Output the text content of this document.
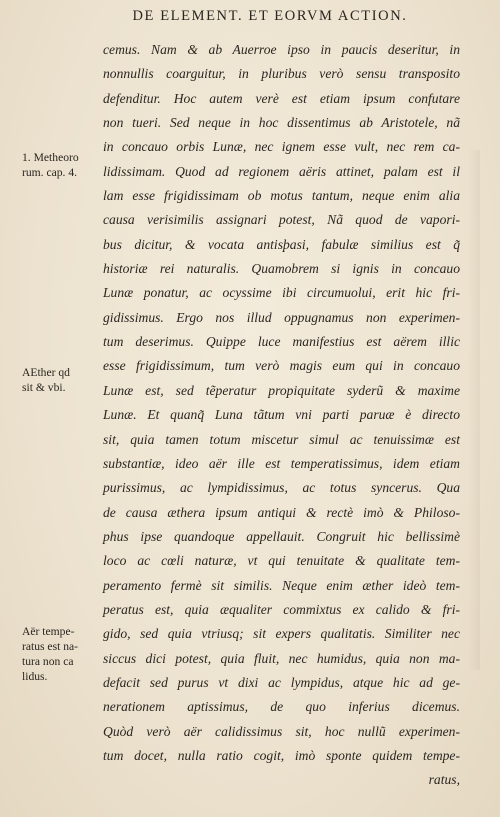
DE ELEMENT. ET EORVM ACTION.
1. Metheoro
rum. cap. 4.
AEther qd
sit & vbi.
Aër tempe-
ratus est na-
tura non ca
lidus.
cemus. Nam & ab Auerroe ipso in paucis deseritur, in
nonnullis coarguitur, in pluribus verò sensu transposito
defenditur. Hoc autem verè est etiam ipsum confutare
non tueri. Sed neque in hoc dissentimus ab Aristotele, nã
in concauo orbis Lunæ, nec ignem esse vult, nec rem ca-
lidissimam. Quod ad regionem aëris attinet, palam est il
lam esse frigidissimam ob motus tantum, neque enim alia
causa verisimilis assignari potest, Nã quod de vapori-
bus dicitur, & vocata antisþasi, fabulæ similius est q̃
historiæ rei naturalis. Quamobrem si ignis in concauo
Lunæ ponatur, ac ocyssime ibi circumuolui, erit hic fri-
gidissimus. Ergo nos illud oppugnamus non experimen-
tum deserimus. Quippe luce manifestius est aërem illic
esse frigidissimum, tum verò magis eum qui in concauo
Lunæ est, sed tẽperatur propiquitate syderũ & maxime
Lunæ. Et quanq̃ Luna tãtum vni parti paruæ è directo
sit, quia tamen totum miscetur simul ac tenuissimæ est
substantiæ, ideo aër ille est temperatissimus, idem etiam
purissimus, ac lympidissimus, ac totus syncerus. Qua
de causa æthera ipsum antiqui & rectè imò & Philoso-
phus ipse quandoque appellauit. Congruit hic bellissimè
loco ac cœli naturæ, vt qui tenuitate & qualitate tem-
peramento fermè sit similis. Neque enim æther ideò tem-
peratus est, quia æqualiter commixtus ex calido & fri-
gido, sed quia vtriusq; sit expers qualitatis. Similiter nec
siccus dici potest, quia fluit, nec humidus, quia non ma-
defacit sed purus vt dixi ac lympidus, atque hic ad ge-
nerationem aptissimus, de quo inferius dicemus.
Quòd verò aër calidissimus sit, hoc nullũ experimen-
tum docet, nulla ratio cogit, imò sponte quidem tempe-
ratus,
